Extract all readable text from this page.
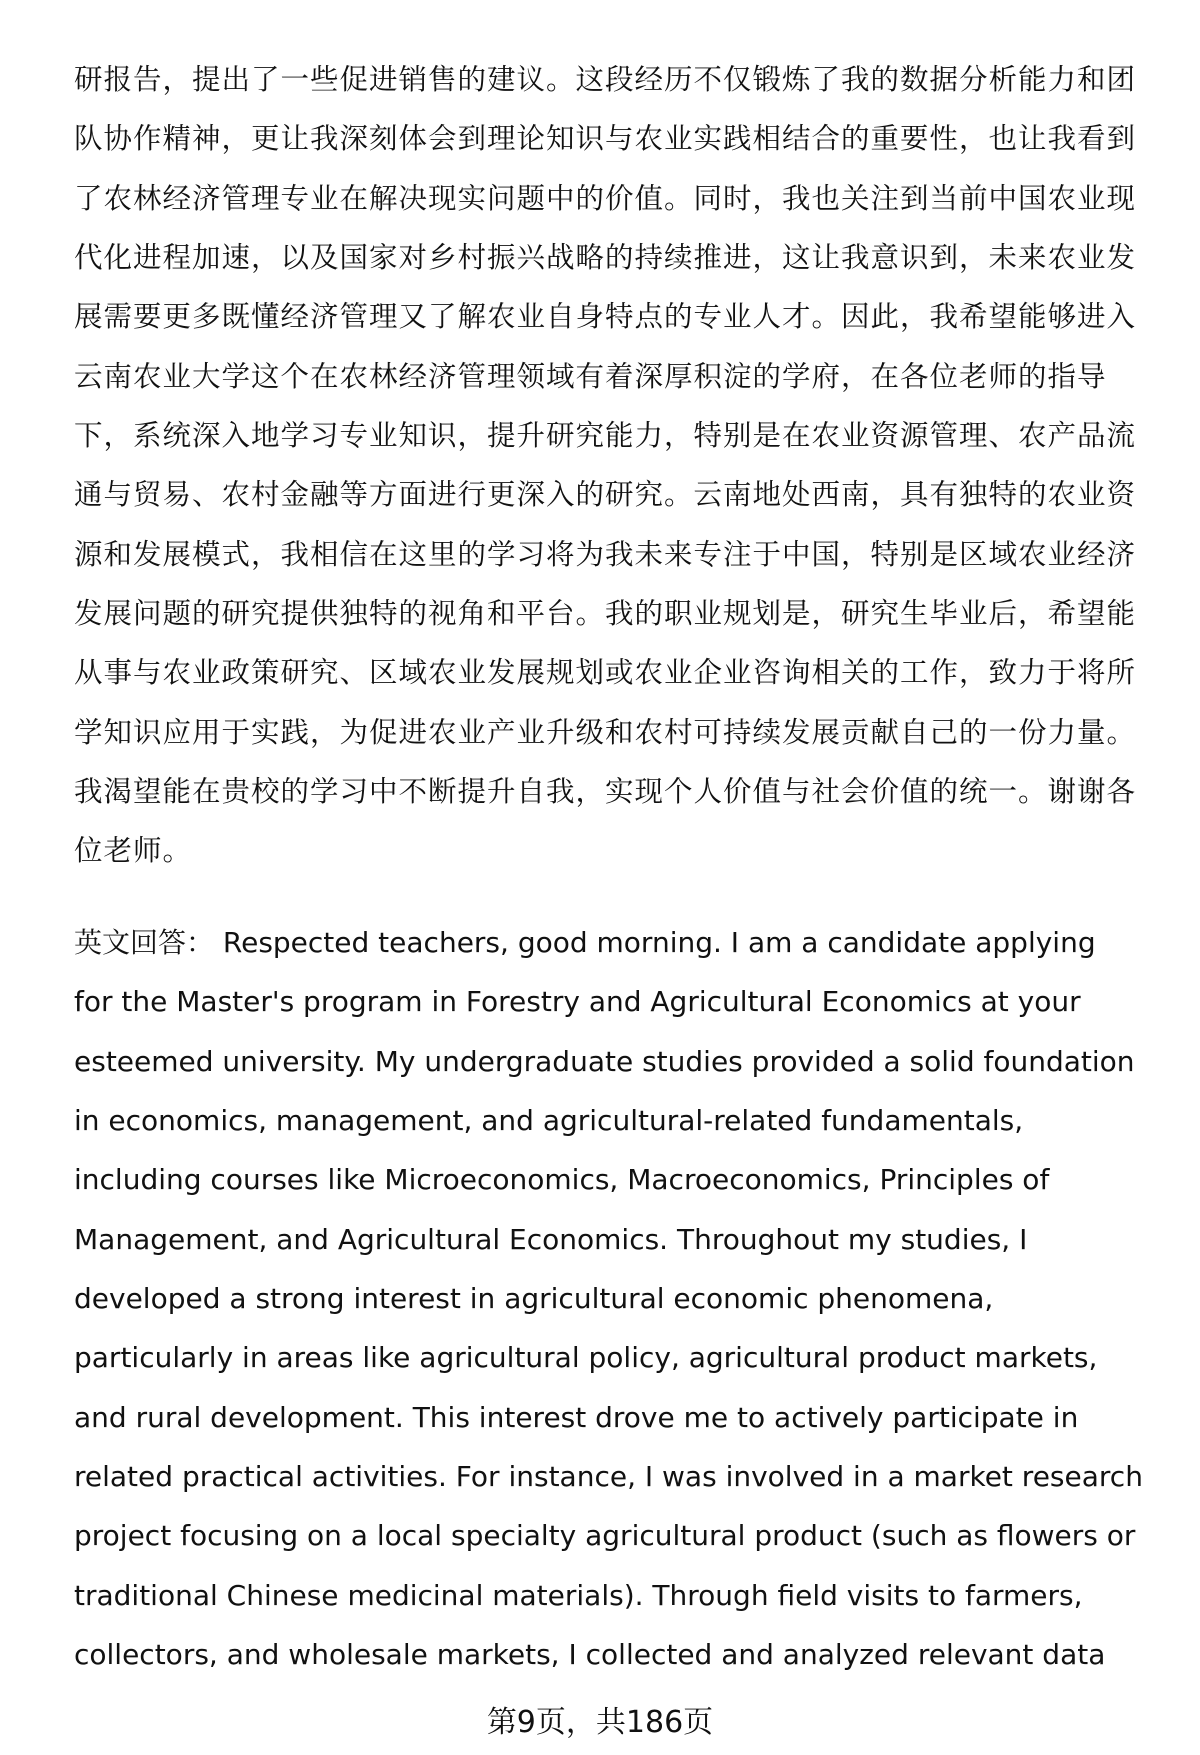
研报告，提出了一些促进销售的建议。这段经历不仅锻炼了我的数据分析能力和团
队协作精神，更让我深刻体会到理论知识与农业实践相结合的重要性，也让我看到
了农林经济管理专业在解决现实问题中的价值。同时，我也关注到当前中国农业现
代化进程加速，以及国家对乡村振兴战略的持续推进，这让我意识到，未来农业发
展需要更多既懂经济管理又了解农业自身特点的专业人才。因此，我希望能够进入
云南农业大学这个在农林经济管理领域有着深厚积淀的学府，在各位老师的指导
下，系统深入地学习专业知识，提升研究能力，特别是在农业资源管理、农产品流
通与贸易、农村金融等方面进行更深入的研究。云南地处西南，具有独特的农业资
源和发展模式，我相信在这里的学习将为我未来专注于中国，特别是区域农业经济
发展问题的研究提供独特的视角和平台。我的职业规划是，研究生毕业后，希望能
从事与农业政策研究、区域农业发展规划或农业企业咨询相关的工作，致力于将所
学知识应用于实践，为促进农业产业升级和农村可持续发展贡献自己的一份力量。
我渴望能在贵校的学习中不断提升自我，实现个人价值与社会价值的统一。谢谢各
位老师。
英文回答： Respected teachers, good morning. I am a candidate applying
for the Master's program in Forestry and Agricultural Economics at your
esteemed university. My undergraduate studies provided a solid foundation
in economics, management, and agricultural-related fundamentals,
including courses like Microeconomics, Macroeconomics, Principles of
Management, and Agricultural Economics. Throughout my studies, I
developed a strong interest in agricultural economic phenomena,
particularly in areas like agricultural policy, agricultural product markets,
and rural development. This interest drove me to actively participate in
related practical activities. For instance, I was involved in a market research
project focusing on a local specialty agricultural product (such as flowers or
traditional Chinese medicinal materials). Through field visits to farmers,
collectors, and wholesale markets, I collected and analyzed relevant data
第9页，共186页
